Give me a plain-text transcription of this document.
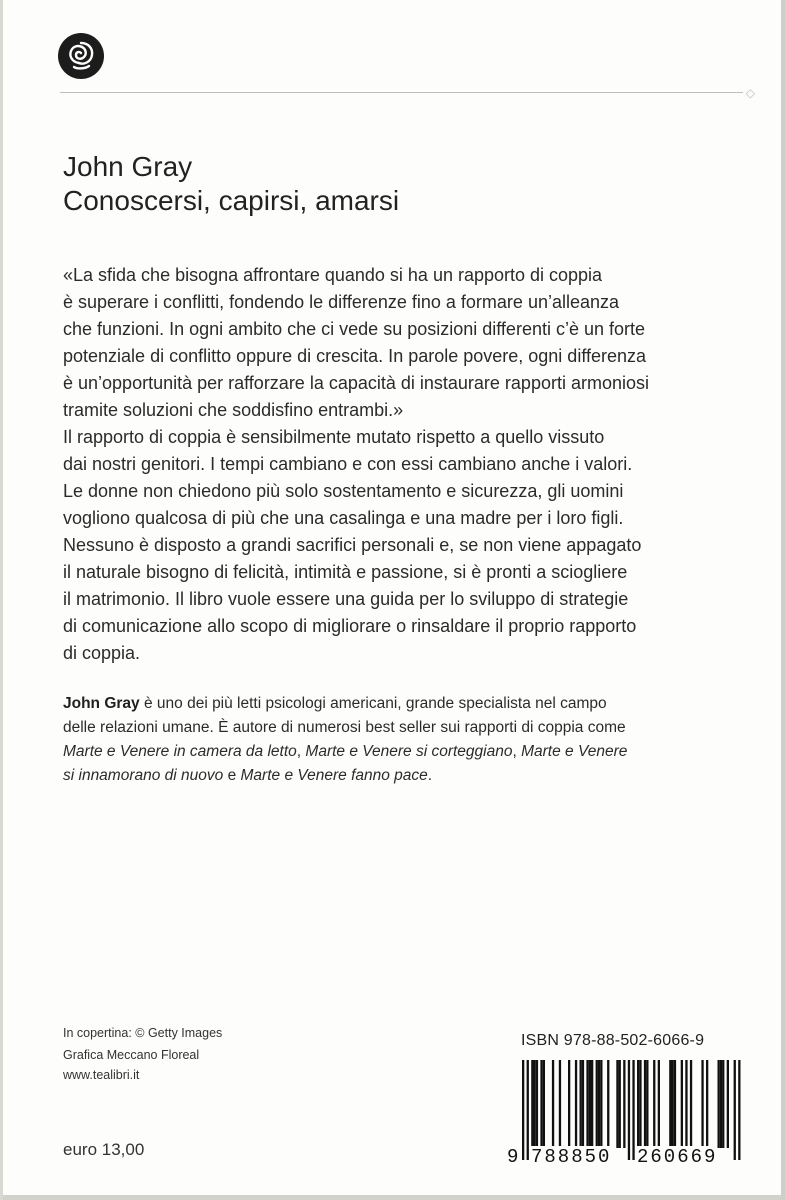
◇
John Gray
Conoscersi, capirsi, amarsi
«La sfida che bisogna affrontare quando si ha un rapporto di coppia
è superare i conflitti, fondendo le differenze fino a formare un’alleanza
che funzioni. In ogni ambito che ci vede su posizioni differenti c’è un forte
potenziale di conflitto oppure di crescita. In parole povere, ogni differenza
è un’opportunità per rafforzare la capacità di instaurare rapporti armoniosi
tramite soluzioni che soddisfino entrambi.»
Il rapporto di coppia è sensibilmente mutato rispetto a quello vissuto
dai nostri genitori. I tempi cambiano e con essi cambiano anche i valori.
Le donne non chiedono più solo sostentamento e sicurezza, gli uomini
vogliono qualcosa di più che una casalinga e una madre per i loro figli.
Nessuno è disposto a grandi sacrifici personali e, se non viene appagato
il naturale bisogno di felicità, intimità e passione, si è pronti a sciogliere
il matrimonio. Il libro vuole essere una guida per lo sviluppo di strategie
di comunicazione allo scopo di migliorare o rinsaldare il proprio rapporto
di coppia.
John Gray è uno dei più letti psicologi americani, grande specialista nel campo
delle relazioni umane. È autore di numerosi best seller sui rapporti di coppia come
Marte e Venere in camera da letto, Marte e Venere si corteggiano, Marte e Venere
si innamorano di nuovo e Marte e Venere fanno pace.
In copertina: © Getty Images
Grafica Meccano Floreal
www.tealibri.it
euro 13,00
ISBN 978-88-502-6066-9
9 788850 260669
